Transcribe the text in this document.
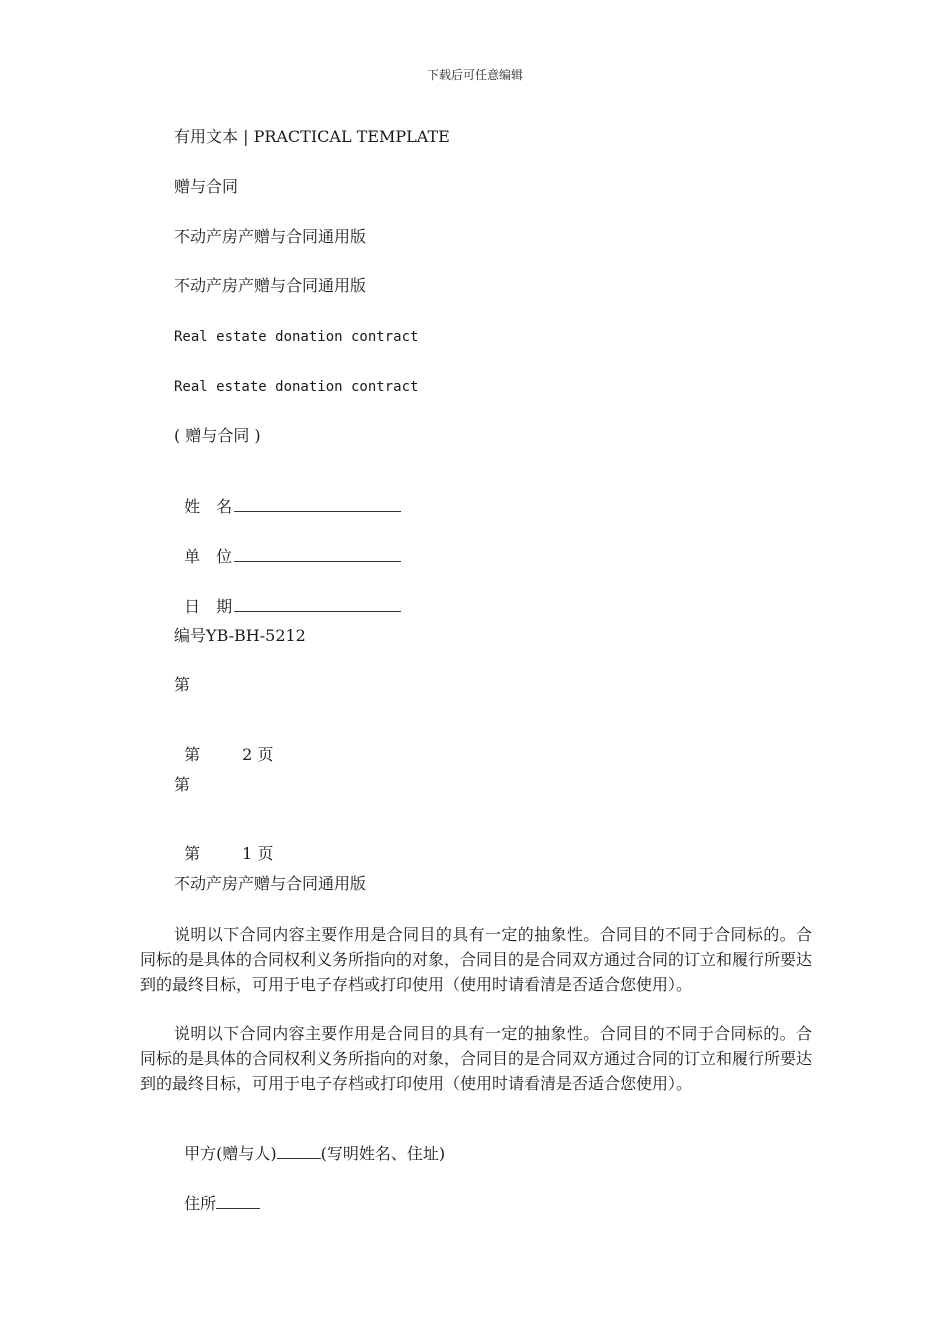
下载后可任意编辑
有用文本 | PRACTICAL TEMPLATE
赠与合同
不动产房产赠与合同通用版
不动产房产赠与合同通用版
Real estate donation contract
Real estate donation contract
( 赠与合同 )

姓　名

单　位

日　期

编号YB-BH-5212
第

第	2 页

第

第	1 页

不动产房产赠与合同通用版
说明以下合同内容主要作用是合同目的具有一定的抽象性。合同目的不同于合同标的。合同标的是具体的合同权利义务所指向的对象，合同目的是合同双方通过合同的订立和履行所要达到的最终目标，可用于电子存档或打印使用（使用时请看清是否适合您使用）。
说明以下合同内容主要作用是合同目的具有一定的抽象性。合同目的不同于合同标的。合同标的是具体的合同权利义务所指向的对象，合同目的是合同双方通过合同的订立和履行所要达到的最终目标，可用于电子存档或打印使用（使用时请看清是否适合您使用）。

甲方(赠与人)	(写明姓名、住址)

住所
